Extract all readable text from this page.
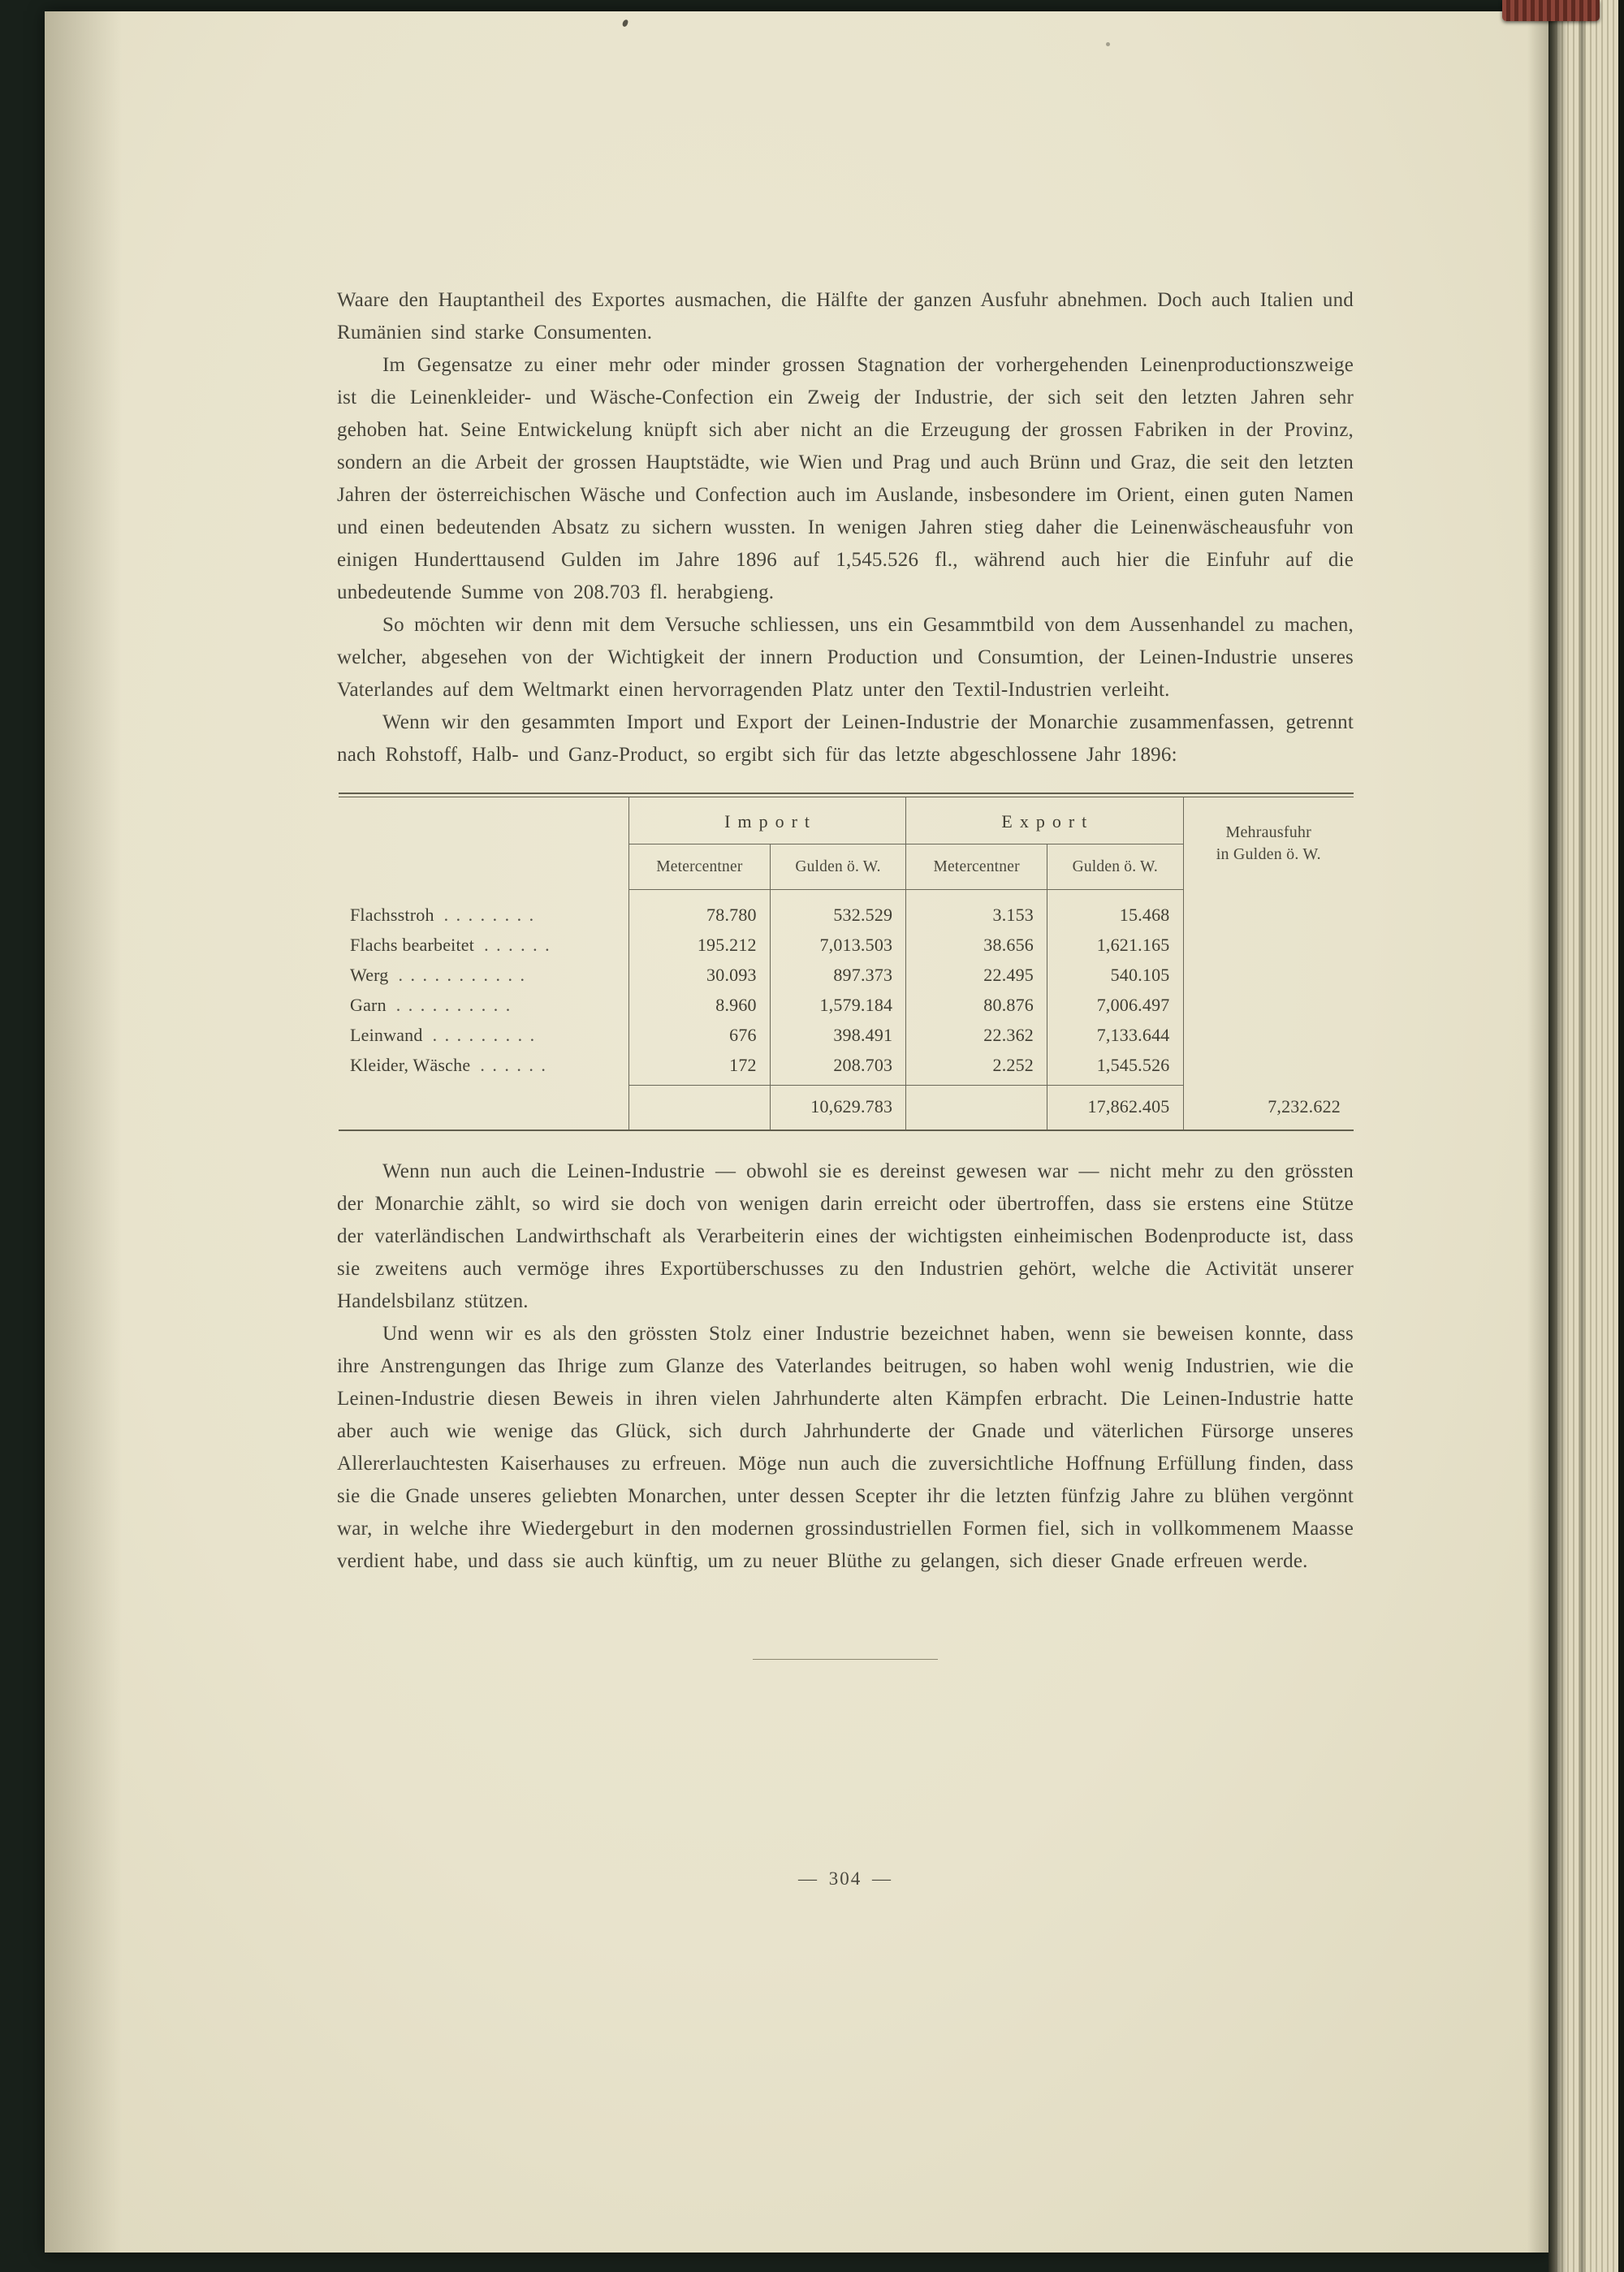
Waare den Hauptantheil des Exportes ausmachen, die Hälfte der ganzen Ausfuhr abnehmen. Doch auch Italien und Rumänien sind starke Consumenten.

Im Gegensatze zu einer mehr oder minder grossen Stagnation der vorhergehenden Leinenproductionszweige ist die Leinenkleider- und Wäsche-Confection ein Zweig der Industrie, der sich seit den letzten Jahren sehr gehoben hat. Seine Entwickelung knüpft sich aber nicht an die Erzeugung der grossen Fabriken in der Provinz, sondern an die Arbeit der grossen Hauptstädte, wie Wien und Prag und auch Brünn und Graz, die seit den letzten Jahren der österreichischen Wäsche und Confection auch im Auslande, insbesondere im Orient, einen guten Namen und einen bedeutenden Absatz zu sichern wussten. In wenigen Jahren stieg daher die Leinenwäscheausfuhr von einigen Hunderttausend Gulden im Jahre 1896 auf 1,545.526 fl., während auch hier die Einfuhr auf die unbedeutende Summe von 208.703 fl. herabgieng.

So möchten wir denn mit dem Versuche schliessen, uns ein Gesammtbild von dem Aussenhandel zu machen, welcher, abgesehen von der Wichtigkeit der innern Production und Consumtion, der Leinen-Industrie unseres Vaterlandes auf dem Weltmarkt einen hervorragenden Platz unter den Textil-Industrien verleiht.

Wenn wir den gesammten Import und Export der Leinen-Industrie der Monarchie zusammenfassen, getrennt nach Rohstoff, Halb- und Ganz-Product, so ergibt sich für das letzte abgeschlossene Jahr 1896:

	Import		Export		Mehrausfuhr
in Gulden ö. W.
	Metercentner	Gulden ö. W.	Metercentner	Gulden ö. W.	
Flachsstroh . . . . . . . .	78.780	532.529	3.153	15.468	
Flachs bearbeitet . . . . . .	195.212	7,013.503	38.656	1,621.165	
Werg . . . . . . . . . . .	30.093	897.373	22.495	540.105	
Garn . . . . . . . . . .	8.960	1,579.184	80.876	7,006.497	
Leinwand . . . . . . . . .	676	398.491	22.362	7,133.644	
Kleider, Wäsche . . . . . .	172	208.703	2.252	1,545.526	
		10,629.783		17,862.405	7,232.622

Wenn nun auch die Leinen-Industrie — obwohl sie es dereinst gewesen war — nicht mehr zu den grössten der Monarchie zählt, so wird sie doch von wenigen darin erreicht oder übertroffen, dass sie erstens eine Stütze der vaterländischen Landwirthschaft als Verarbeiterin eines der wichtigsten einheimischen Bodenproducte ist, dass sie zweitens auch vermöge ihres Exportüberschusses zu den Industrien gehört, welche die Activität unserer Handelsbilanz stützen.

Und wenn wir es als den grössten Stolz einer Industrie bezeichnet haben, wenn sie beweisen konnte, dass ihre Anstrengungen das Ihrige zum Glanze des Vaterlandes beitrugen, so haben wohl wenig Industrien, wie die Leinen-Industrie diesen Beweis in ihren vielen Jahrhunderte alten Kämpfen erbracht. Die Leinen-Industrie hatte aber auch wie wenige das Glück, sich durch Jahrhunderte der Gnade und väterlichen Fürsorge unseres Allererlauchtesten Kaiserhauses zu erfreuen. Möge nun auch die zuversichtliche Hoffnung Erfüllung finden, dass sie die Gnade unseres geliebten Monarchen, unter dessen Scepter ihr die letzten fünfzig Jahre zu blühen vergönnt war, in welche ihre Wiedergeburt in den modernen grossindustriellen Formen fiel, sich in vollkommenem Maasse verdient habe, und dass sie auch künftig, um zu neuer Blüthe zu gelangen, sich dieser Gnade erfreuen werde.

— 304 —
